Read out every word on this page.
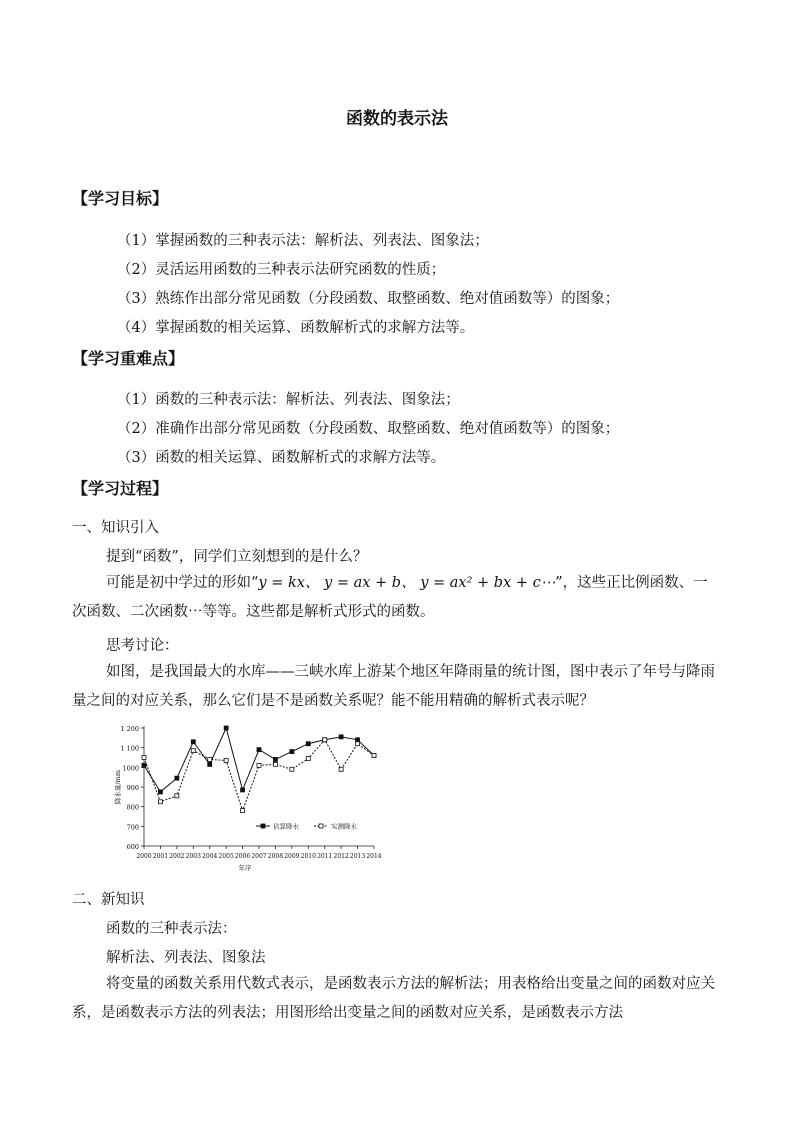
函数的表示法
【学习目标】
（1）掌握函数的三种表示法：解析法、列表法、图象法；
（2）灵活运用函数的三种表示法研究函数的性质；
（3）熟练作出部分常见函数（分段函数、取整函数、绝对值函数等）的图象；
（4）掌握函数的相关运算、函数解析式的求解方法等。
【学习重难点】
（1）函数的三种表示法：解析法、列表法、图象法；
（2）准确作出部分常见函数（分段函数、取整函数、绝对值函数等）的图象；
（3）函数的相关运算、函数解析式的求解方法等。
【学习过程】
一、知识引入
提到“函数”，同学们立刻想到的是什么？
可能是初中学过的形如“y = kx、 y = ax + b、 y = ax² + bx + c⋯”，这些正比例函数、一次函数、二次函数⋯等等。这些都是解析式形式的函数。
思考讨论：
如图，是我国最大的水库——三峡水库上游某个地区年降雨量的统计图，图中表示了年号与降雨量之间的对应关系，那么它们是不是函数关系呢？能不能用精确的解析式表示呢？
600
700
800
900
1000
1 100
1 200
2000 2001 2002 2003 2004 2005 2006 2007 2008 2009 2010 2011 2012 2013 2014
年序
降水量/mm
估算降水	实测降水
二、新知识
函数的三种表示法：
解析法、列表法、图象法
将变量的函数关系用代数式表示，是函数表示方法的解析法；用表格给出变量之间的函数对应关系，是函数表示方法的列表法；用图形给出变量之间的函数对应关系，是函数表示方法
